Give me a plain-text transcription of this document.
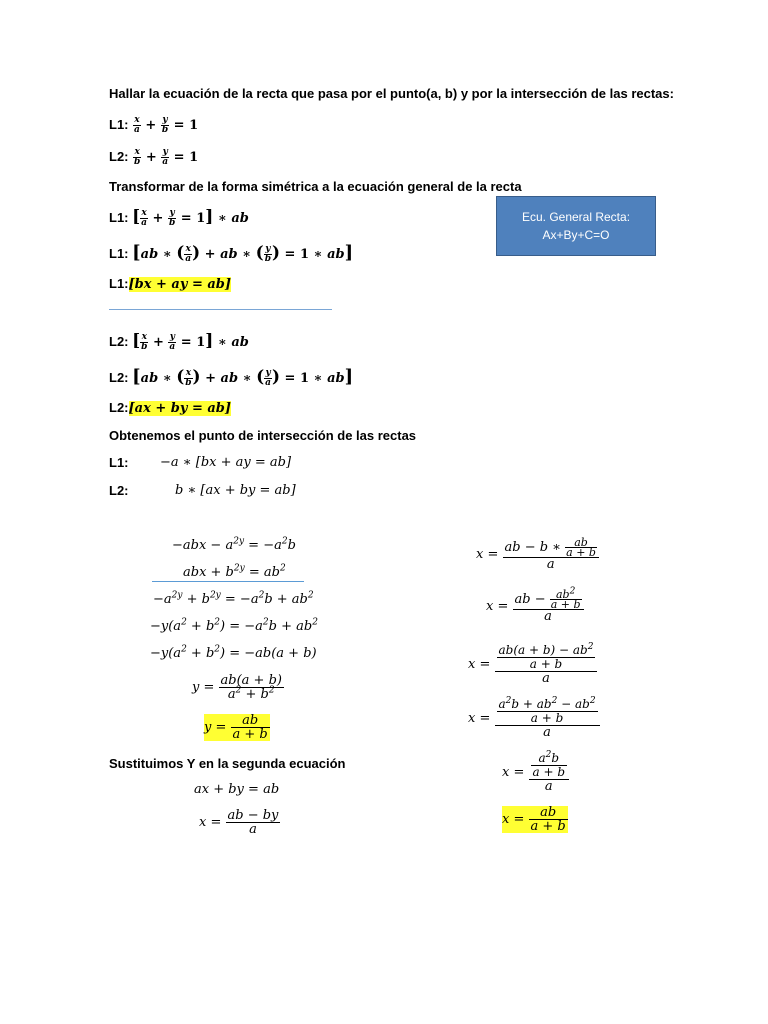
Hallar la ecuación de la recta que pasa por el punto(a, b) y por la intersección de las rectas:
L1: $\frac{x}{a} + \frac{y}{b} = 1$
L2: $\frac{x}{b} + \frac{y}{a} = 1$
Transformar de la forma simétrica a la ecuación general de la recta
Ecu. General Recta:
Ax+By+C=O
L1: [ $\frac{x}{a} + \frac{y}{b} = 1$] ∗ ab
L1: [ab ∗ ( $\frac{x}{a}$ ) + ab ∗ ( $\frac{y}{b}$ ) = 1 ∗ ab]
L1:[bx + ay = ab]
L2: [ $\frac{x}{b} + \frac{y}{a} = 1$] ∗ ab
L2: [ab ∗ ( $\frac{x}{b}$ ) + ab ∗ ( $\frac{y}{a}$ ) = 1 ∗ ab]
L2:[ax + by = ab]
Obtenemos el punto de intersección de las rectas
L1: −a ∗ [bx + ay = ab]
L2:	b ∗ [ax + by = ab]
$-abx - a^{2y} = -a^2b$
abx + $b^{2y} = ab^2$
$-a^{2y} + b^{2y} = -a^2b + ab^2$
$-y(a^2 + b^2) = -a^2b + ab^2$
$-y(a^2 + b^2) = -ab(a + b)$
$y = \frac{ab(a + b)}{a^2 + b^2}$
$y = \frac{ab}{a + b}$
Sustituimos Y en la segunda ecuación
ax + by = ab
$x = \frac{ab - by}{a}$
$x = \frac{ab - b ∗ \frac{ab}{a + b}}{a}$
$x = \frac{ab - \frac{ab^2}{a + b}}{a}$
$x = \frac{\frac{ab(a + b) - ab^2}{a + b}}{a}$
$x = \frac{\frac{a^2b + ab^2 - ab^2}{a + b}}{a}$
$x = \frac{\frac{a^2b}{a + b}}{a}$
$x = \frac{ab}{a + b}$
